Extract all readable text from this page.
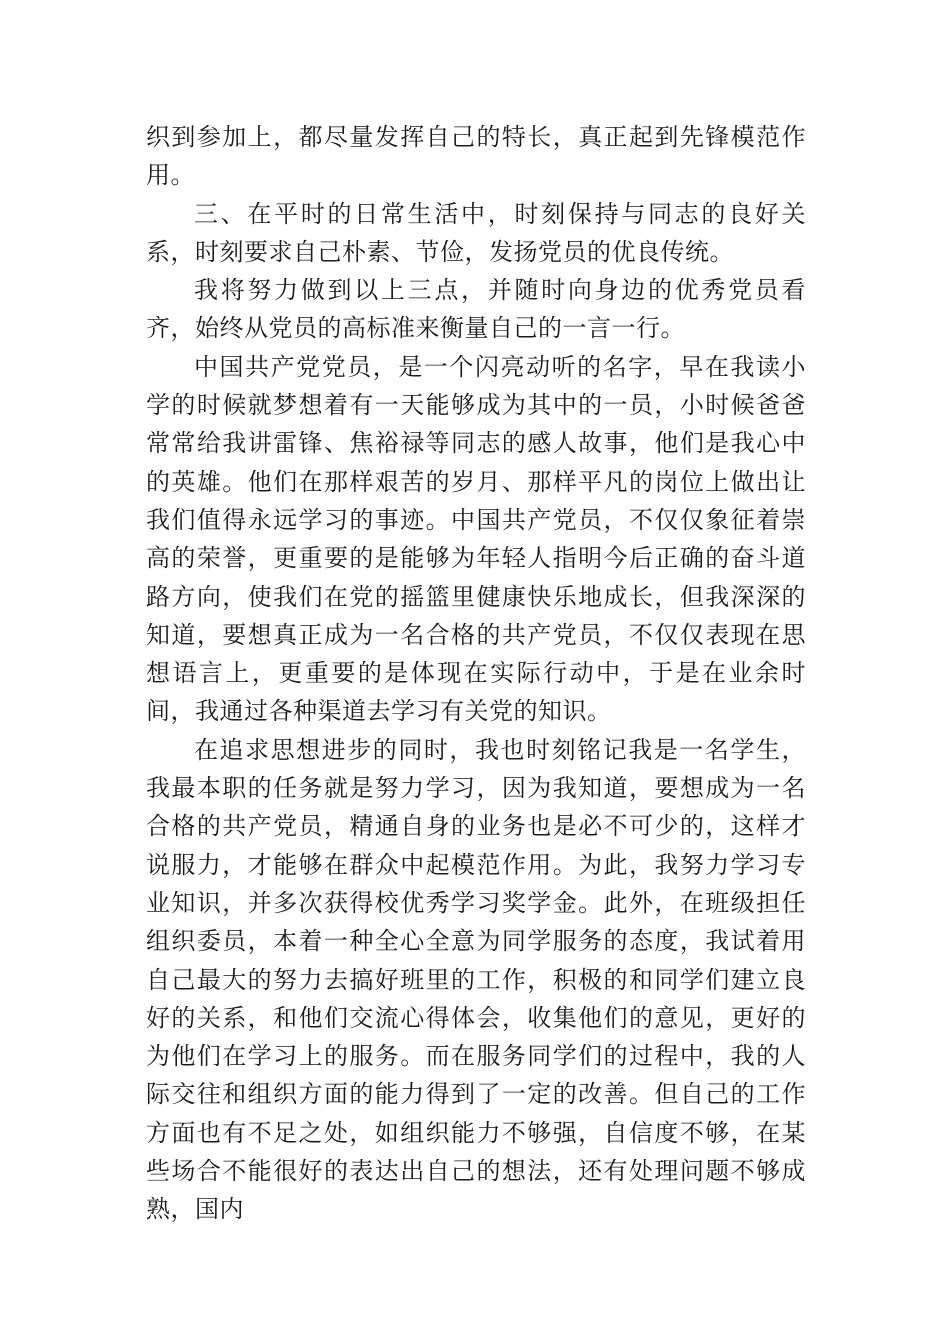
织到参加上，都尽量发挥自己的特长，真正起到先锋模范作用。

三、在平时的日常生活中，时刻保持与同志的良好关系，时刻要求自己朴素、节俭，发扬党员的优良传统。

我将努力做到以上三点，并随时向身边的优秀党员看齐，始终从党员的高标准来衡量自己的一言一行。

中国共产党党员，是一个闪亮动听的名字，早在我读小学的时候就梦想着有一天能够成为其中的一员，小时候爸爸常常给我讲雷锋、焦裕禄等同志的感人故事，他们是我心中的英雄。他们在那样艰苦的岁月、那样平凡的岗位上做出让我们值得永远学习的事迹。中国共产党员，不仅仅象征着崇高的荣誉，更重要的是能够为年轻人指明今后正确的奋斗道路方向，使我们在党的摇篮里健康快乐地成长，但我深深的知道，要想真正成为一名合格的共产党员，不仅仅表现在思想语言上，更重要的是体现在实际行动中，于是在业余时间，我通过各种渠道去学习有关党的知识。

在追求思想进步的同时，我也时刻铭记我是一名学生，我最本职的任务就是努力学习，因为我知道，要想成为一名合格的共产党员，精通自身的业务也是必不可少的，这样才说服力，才能够在群众中起模范作用。为此，我努力学习专业知识，并多次获得校优秀学习奖学金。此外，在班级担任组织委员，本着一种全心全意为同学服务的态度，我试着用自己最大的努力去搞好班里的工作，积极的和同学们建立良好的关系，和他们交流心得体会，收集他们的意见，更好的为他们在学习上的服务。而在服务同学们的过程中，我的人际交往和组织方面的能力得到了一定的改善。但自己的工作方面也有不足之处，如组织能力不够强，自信度不够，在某些场合不能很好的表达出自己的想法，还有处理问题不够成熟，国内
